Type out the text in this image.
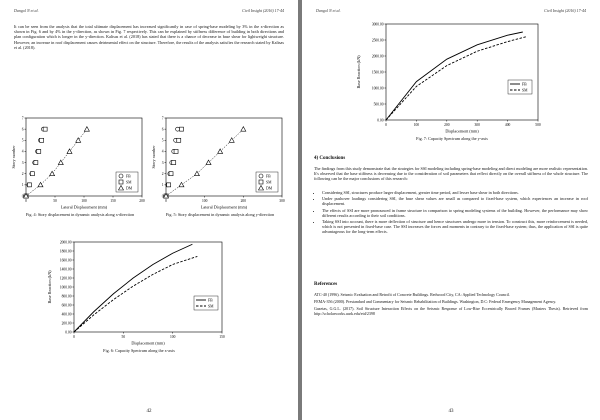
Dangol N et al.	Civil Insight (2016) 17-44
It can be seen from the analysis that the total ultimate displacement has increased significantly in case of spring-base modeling by 3% in the x-direction as shown in Fig. 6 and by 4% in the y-direction, as shown in Fig. 7 respectively. This can be explained by stiffness difference of building in both directions and plan configuration which is longer in the y-direction. Kaltsas et al. (2018) has stated that there is a chance of decrease in base shear for lightweight structure. However, an increase in roof displacement causes detrimental effect on the structure. Therefore, the results of the analysis satisfies the research stated by Kaltsas et al. (2018).
0
1
2
3
4
5
6
7
0	50	100	150	200
Lateral Displacement (mm)
Story number
FB
SM
DM
Fig. 4: Story displacement in dynamic analysis along x-direction
0
1
2
3
4
5
6
7
0	100	200	300
Lateral Displacement (mm)
Story number
FB
SM
DM
Fig. 5: Story displacement in dynamic analysis along y-direction
0.00
200.00
400.00
600.00
800.00
1000.00
1200.00
1400.00
1600.00
1800.00
2000.00
0	50	100	150
Displacement (mm)
Base Reaction (kN)	FB
SM
Fig. 6: Capacity Spectrum along the x-axis
42
Dangol N et al.	Civil Insight (2016) 17-44
0.00
500.00
1000.00
1500.00
2000.00
2500.00
3000.00
0	100	200	300	400	500
Displacement (mm)
Base Reaction (kN)	FB
SM
Fig. 7: Capacity Spectrum along the y-axis
4) Conclusions
The findings from this study demonstrate that the strategies for SSI modeling including spring-base modeling and direct modeling are more realistic representation. It's observed that the base stiffness is decreasing due to the consideration of soil parameters that reflect directly on the overall stiffness of the whole structure. The following can be the major conclusions of this research:
• Considering SSI, structures produce larger displacement, greater time period, and lesser base shear in both directions.
• Under pushover loadings considering SSI, the base shear values are small as compared to fixed-base system, which experiences an increase in roof displacement.
• The effects of SSI are more pronounced in frame structure in comparison to spring modeling systems of the building. However, the performance may show different results according to their soil conditions.
• Taking SSI into account, there is more deflection of structure and hence structures undergo more in tension. To construct this, more reinforcement is needed, which is not presented in fixed-base case. The SSI increases the forces and moments in contrary to the fixed-base system; thus, the application of SSI is quite advantageous for the long-term effects.
References
ATC-40 (1996). Seismic Evaluation and Retrofit of Concrete Buildings. Redwood City, CA: Applied Technology Council.
FEMA-356 (2000). Prestandard and Commentary for Seismic Rehabilitation of Buildings. Washington, D.C: Federal Emergency Management Agency.
Gazetas, G.G.L. (2017). Soil Structure Interaction Effects on the Seismic Response of Low-Rise Eccentrically Braced Frames (Masters Thesis). Retrieved from http://scholarworks.uark.edu/etd/2398
43
